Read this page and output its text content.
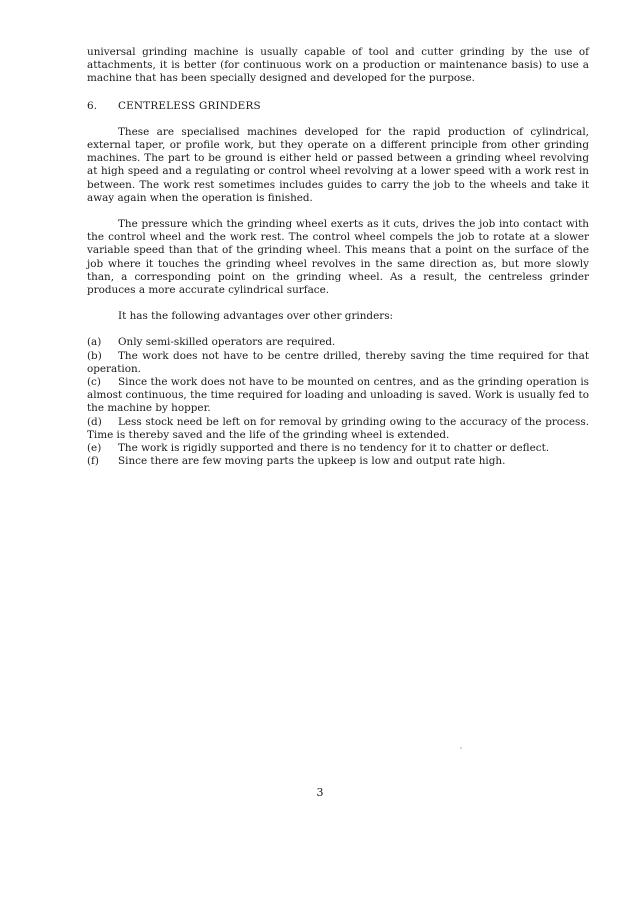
universal grinding machine is usually capable of tool and cutter grinding by the use of attachments, it is better (for continuous work on a production or maintenance basis) to use a machine that has been specially designed and developed for the purpose.

6. CENTRELESS GRINDERS

These are specialised machines developed for the rapid production of cylindrical, external taper, or profile work, but they operate on a different principle from other grinding machines. The part to be ground is either held or passed between a grinding wheel revolving at high speed and a regulating or control wheel revolving at a lower speed with a work rest in between. The work rest sometimes includes guides to carry the job to the wheels and take it away again when the operation is finished.

The pressure which the grinding wheel exerts as it cuts, drives the job into contact with the control wheel and the work rest. The control wheel compels the job to rotate at a slower variable speed than that of the grinding wheel. This means that a point on the surface of the job where it touches the grinding wheel revolves in the same direction as, but more slowly than, a corresponding point on the grinding wheel. As a result, the centreless grinder produces a more accurate cylindrical surface.

It has the following advantages over other grinders:

(a) Only semi-skilled operators are required.
(b) The work does not have to be centre drilled, thereby saving the time required for that operation.
(c) Since the work does not have to be mounted on centres, and as the grinding operation is almost continuous, the time required for loading and unloading is saved. Work is usually fed to the machine by hopper.
(d) Less stock need be left on for removal by grinding owing to the accuracy of the process. Time is thereby saved and the life of the grinding wheel is extended.
(e) The work is rigidly supported and there is no tendency for it to chatter or deflect.
(f) Since there are few moving parts the upkeep is low and output rate high.
3
